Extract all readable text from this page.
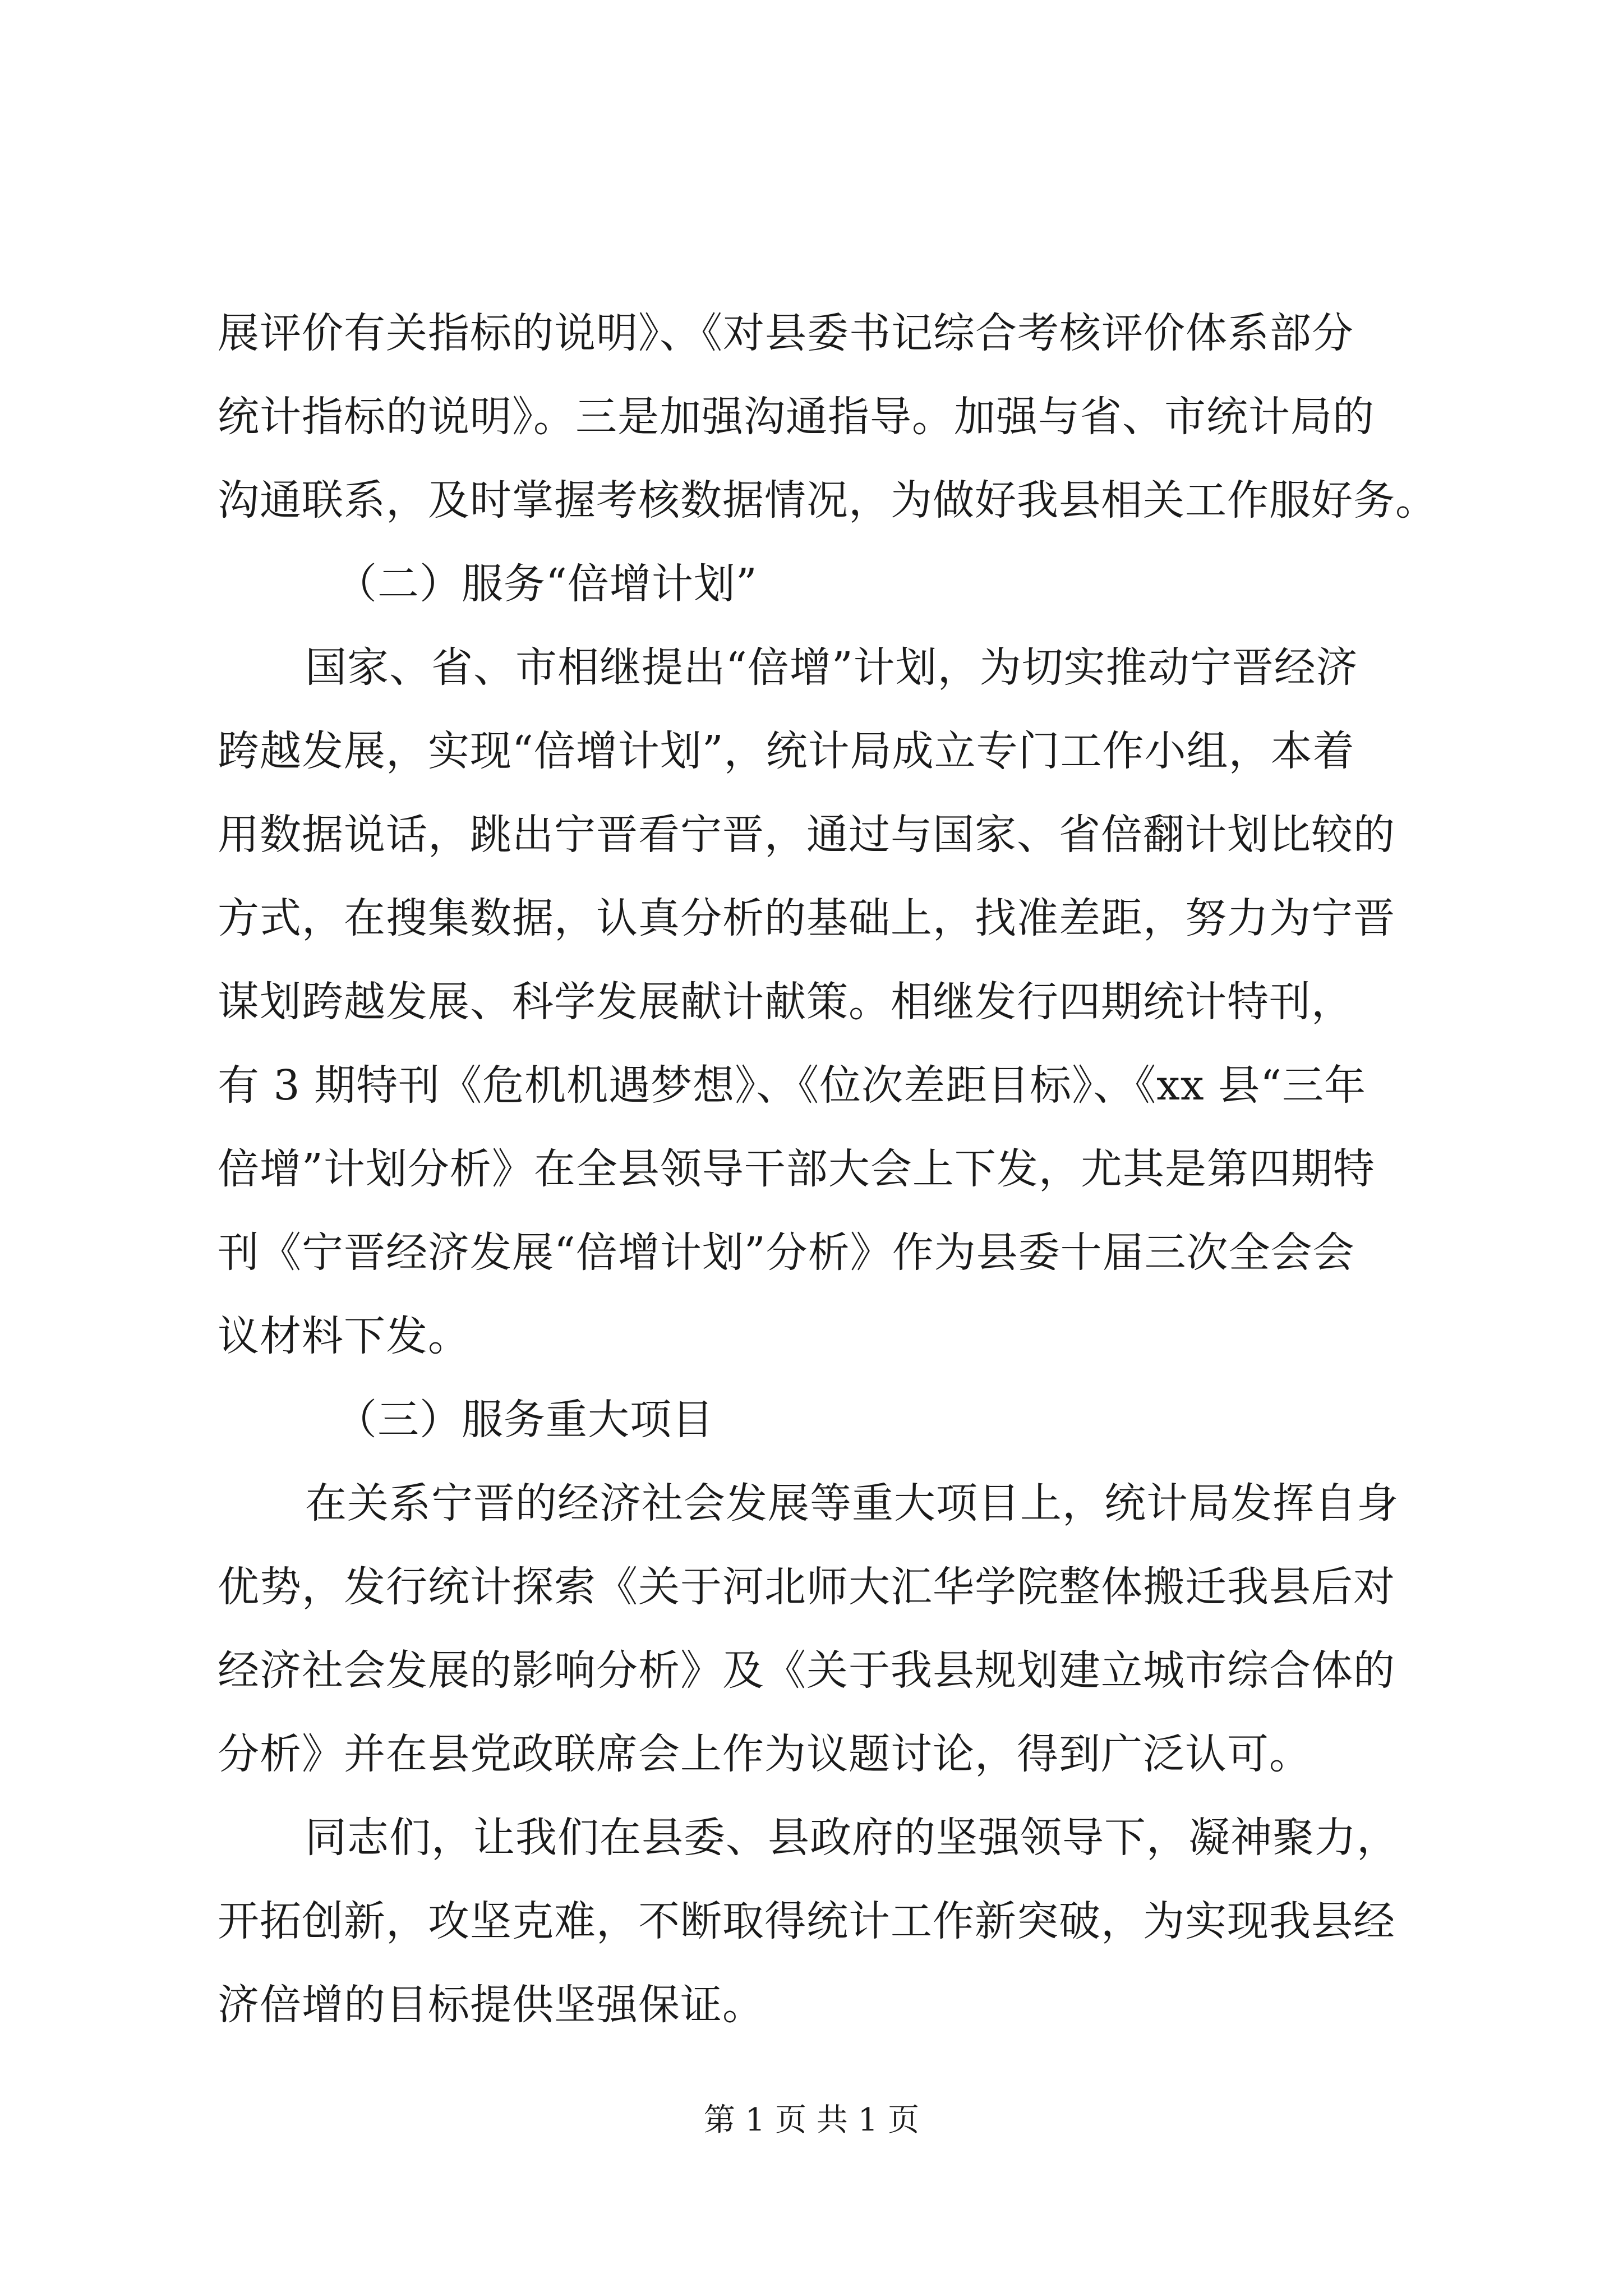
展评价有关指标的说明》、《对县委书记综合考核评价体系部分
统计指标的说明》。三是加强沟通指导。加强与省、市统计局的
沟通联系，及时掌握考核数据情况，为做好我县相关工作服好务。
（二）服务“倍增计划”
国家、省、市相继提出“倍增”计划，为切实推动宁晋经济
跨越发展，实现“倍增计划”，统计局成立专门工作小组，本着
用数据说话，跳出宁晋看宁晋，通过与国家、省倍翻计划比较的
方式，在搜集数据，认真分析的基础上，找准差距，努力为宁晋
谋划跨越发展、科学发展献计献策。相继发行四期统计特刊，
有 3 期特刊《危机机遇梦想》、《位次差距目标》、《xx 县“三年
倍增”计划分析》在全县领导干部大会上下发，尤其是第四期特
刊《宁晋经济发展“倍增计划”分析》作为县委十届三次全会会
议材料下发。
（三）服务重大项目
在关系宁晋的经济社会发展等重大项目上，统计局发挥自身
优势，发行统计探索《关于河北师大汇华学院整体搬迁我县后对
经济社会发展的影响分析》及《关于我县规划建立城市综合体的
分析》并在县党政联席会上作为议题讨论，得到广泛认可。
同志们，让我们在县委、县政府的坚强领导下，凝神聚力，
开拓创新，攻坚克难，不断取得统计工作新突破，为实现我县经
济倍增的目标提供坚强保证。
第 1 页 共 1 页
